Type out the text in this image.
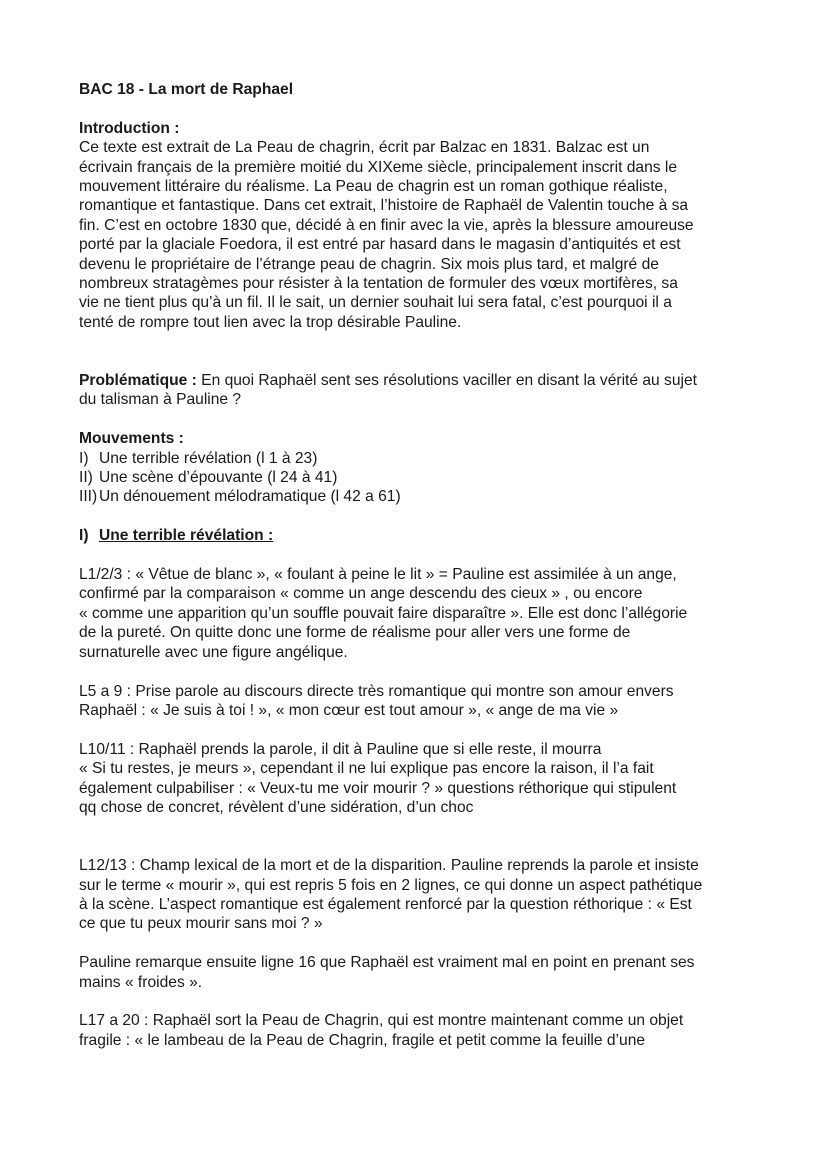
BAC 18 - La mort de Raphael

Introduction :

Ce texte est extrait de La Peau de chagrin, écrit par Balzac en 1831. Balzac est un

écrivain français de la première moitié du XIXeme siècle, principalement inscrit dans le

mouvement littéraire du réalisme. La Peau de chagrin est un roman gothique réaliste,

romantique et fantastique. Dans cet extrait, l’histoire de Raphaël de Valentin touche à sa

fin. C’est en octobre 1830 que, décidé à en finir avec la vie, après la blessure amoureuse

porté par la glaciale Foedora, il est entré par hasard dans le magasin d’antiquités et est

devenu le propriétaire de l’étrange peau de chagrin. Six mois plus tard, et malgré de

nombreux stratagèmes pour résister à la tentation de formuler des vœux mortifères, sa

vie ne tient plus qu’à un fil. Il le sait, un dernier souhait lui sera fatal, c’est pourquoi il a

tenté de rompre tout lien avec la trop désirable Pauline.

Problématique : En quoi Raphaël sent ses résolutions vaciller en disant la vérité au sujet

du talisman à Pauline ?

Mouvements :

I) Une terrible révélation (l 1 à 23)
II) Une scène d’épouvante (l 24 à 41)
III) Un dénouement mélodramatique (l 42 a 61)
I) Une terrible révélation :

L1/2/3 : « Vêtue de blanc », « foulant à peine le lit » = Pauline est assimilée à un ange,

confirmé par la comparaison « comme un ange descendu des cieux » , ou encore

« comme une apparition qu’un souffle pouvait faire disparaître ». Elle est donc l’allégorie

de la pureté. On quitte donc une forme de réalisme pour aller vers une forme de

surnaturelle avec une figure angélique.

L5 a 9 : Prise parole au discours directe très romantique qui montre son amour envers

Raphaël : « Je suis à toi ! », « mon cœur est tout amour », « ange de ma vie »

L10/11 : Raphaël prends la parole, il dit à Pauline que si elle reste, il mourra

« Si tu restes, je meurs », cependant il ne lui explique pas encore la raison, il l’a fait

également culpabiliser : « Veux-tu me voir mourir ? » questions réthorique qui stipulent

qq chose de concret, révèlent d’une sidération, d’un choc

L12/13 : Champ lexical de la mort et de la disparition. Pauline reprends la parole et insiste

sur le terme « mourir », qui est repris 5 fois en 2 lignes, ce qui donne un aspect pathétique

à la scène. L’aspect romantique est également renforcé par la question réthorique : « Est

ce que tu peux mourir sans moi ? »

Pauline remarque ensuite ligne 16 que Raphaël est vraiment mal en point en prenant ses

mains « froides ».

L17 a 20 : Raphaël sort la Peau de Chagrin, qui est montre maintenant comme un objet

fragile : « le lambeau de la Peau de Chagrin, fragile et petit comme la feuille d’une
